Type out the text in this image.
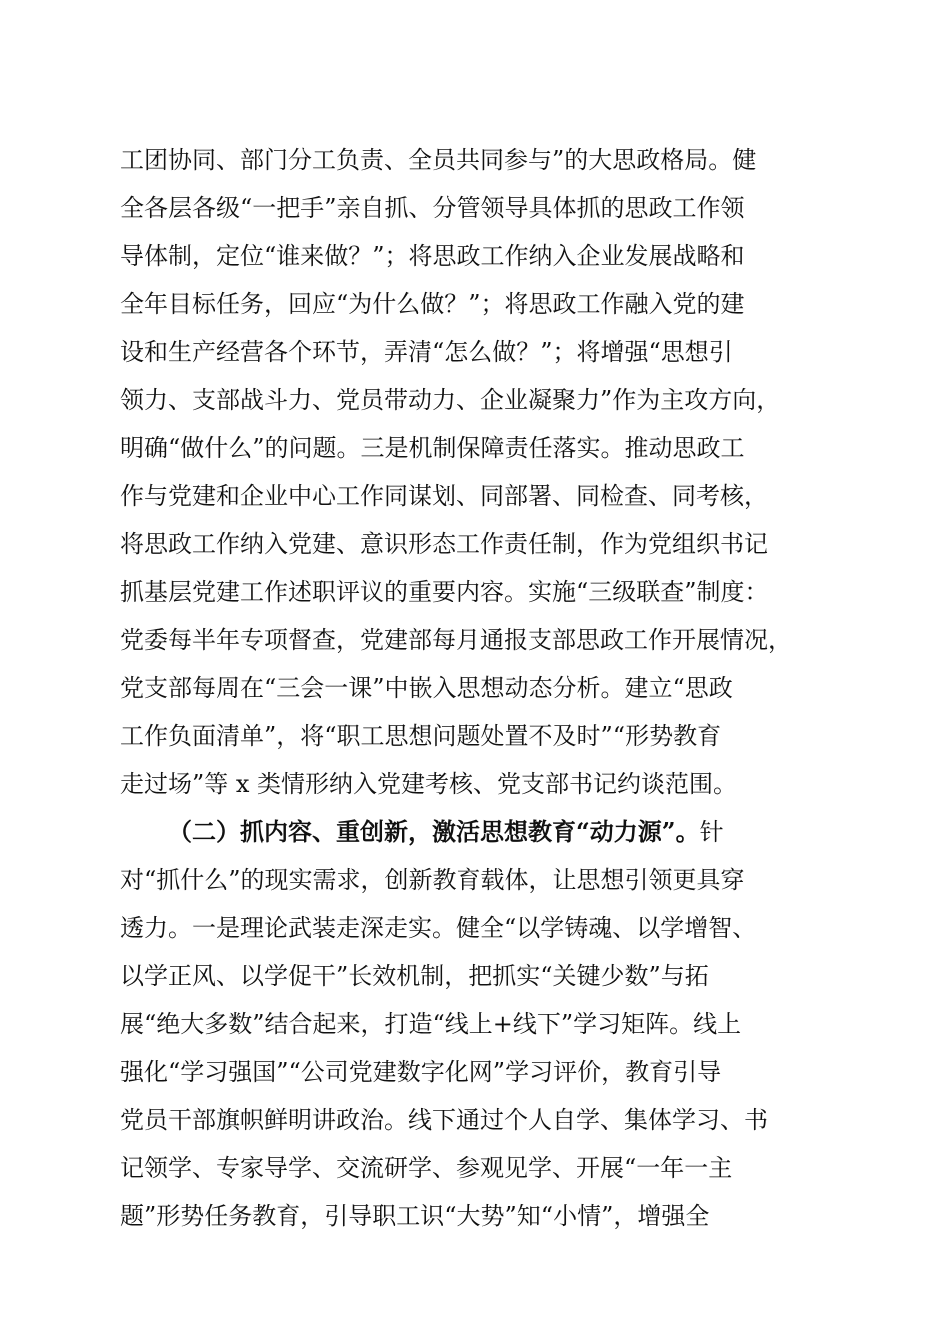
工团协同、部门分工负责、全员共同参与”的大思政格局。健
全各层各级“一把手”亲自抓、分管领导具体抓的思政工作领
导体制，定位“谁来做？”；将思政工作纳入企业发展战略和
全年目标任务，回应“为什么做？”；将思政工作融入党的建
设和生产经营各个环节，弄清“怎么做？”；将增强“思想引
领力、支部战斗力、党员带动力、企业凝聚力”作为主攻方向，
明确“做什么”的问题。三是机制保障责任落实。推动思政工
作与党建和企业中心工作同谋划、同部署、同检查、同考核，
将思政工作纳入党建、意识形态工作责任制，作为党组织书记
抓基层党建工作述职评议的重要内容。实施“三级联查”制度：
党委每半年专项督查，党建部每月通报支部思政工作开展情况，
党支部每周在“三会一课”中嵌入思想动态分析。建立“思政
工作负面清单”，将“职工思想问题处置不及时”“形势教育
走过场”等 x 类情形纳入党建考核、党支部书记约谈范围。
（二）抓内容、重创新，激活思想教育“动力源”。针
对“抓什么”的现实需求，创新教育载体，让思想引领更具穿
透力。一是理论武装走深走实。健全“以学铸魂、以学增智、
以学正风、以学促干”长效机制，把抓实“关键少数”与拓
展“绝大多数”结合起来，打造“线上+线下”学习矩阵。线上
强化“学习强国”“公司党建数字化网”学习评价，教育引导
党员干部旗帜鲜明讲政治。线下通过个人自学、集体学习、书
记领学、专家导学、交流研学、参观见学、开展“一年一主
题”形势任务教育，引导职工识“大势”知“小情”，增强全
